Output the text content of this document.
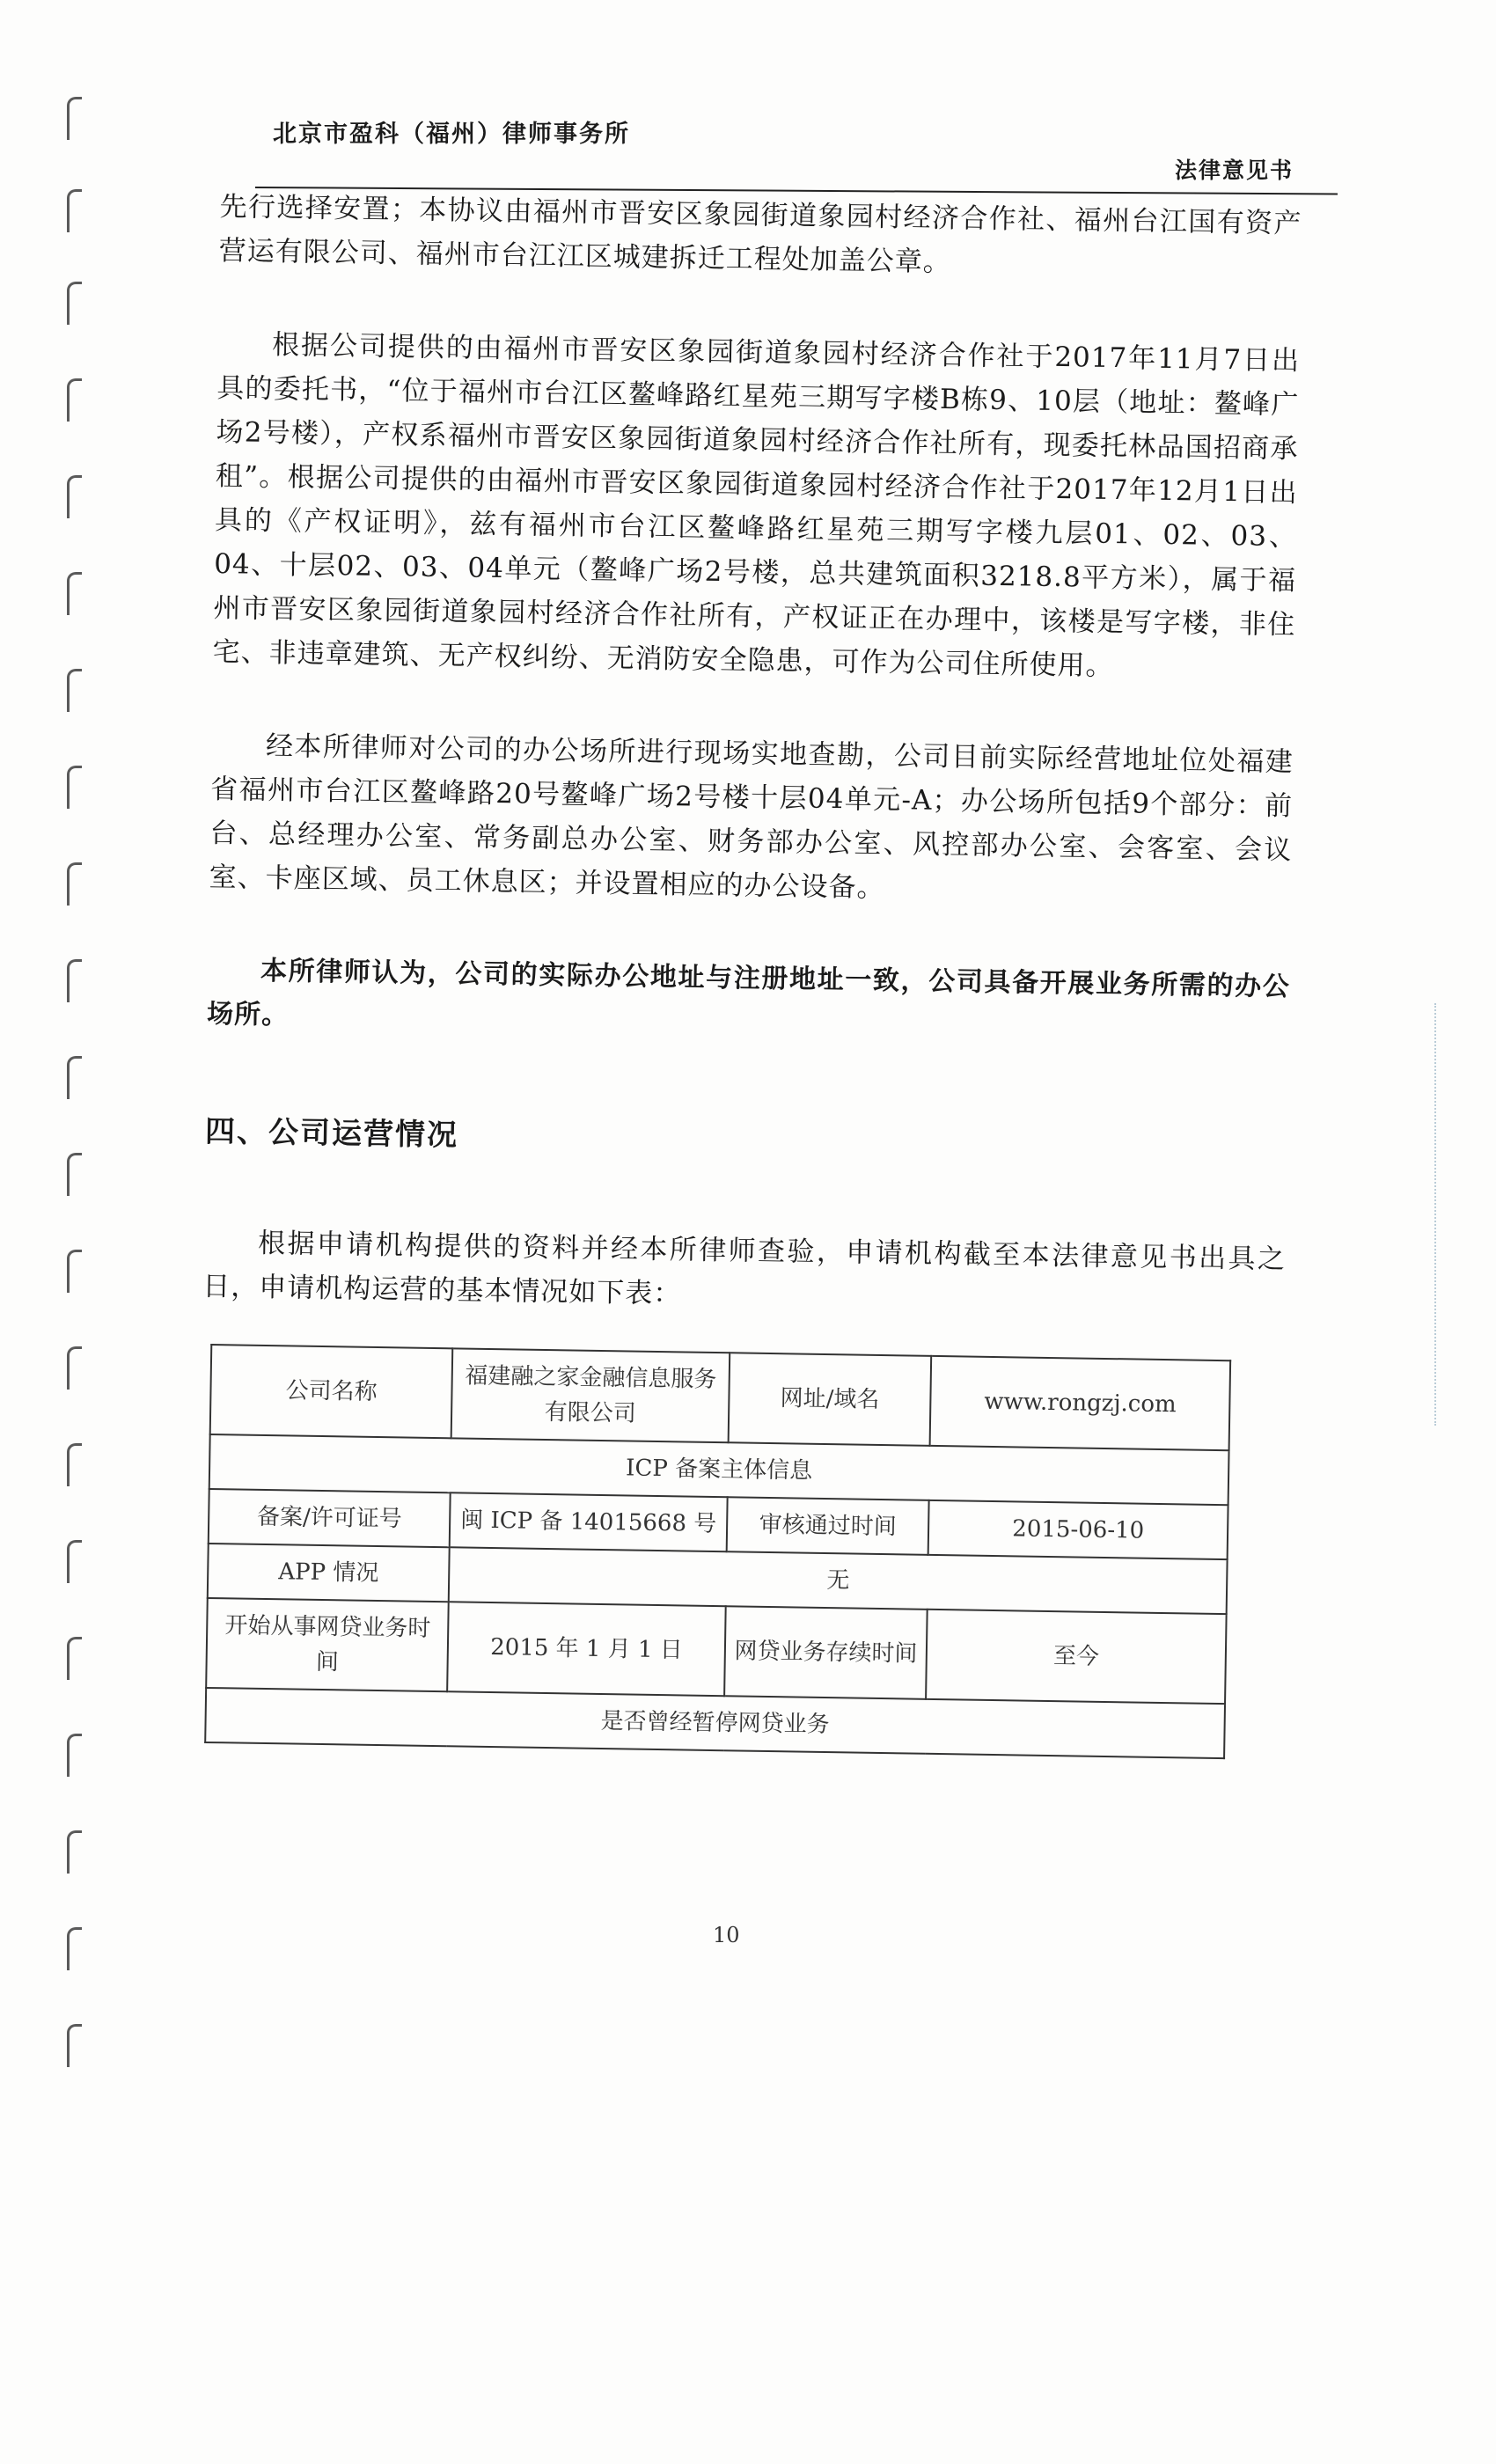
北京市盈科（福州）律师事务所
法律意见书

先行选择安置；本协议由福州市晋安区象园街道象园村经济合作社、福州台江国有资产营运有限公司、福州市台江江区城建拆迁工程处加盖公章。

根据公司提供的由福州市晋安区象园街道象园村经济合作社于2017年11月7日出具的委托书，“位于福州市台江区鳌峰路红星苑三期写字楼B栋9、10层（地址：鳌峰广场2号楼），产权系福州市晋安区象园街道象园村经济合作社所有，现委托林品国招商承租”。根据公司提供的由福州市晋安区象园街道象园村经济合作社于2017年12月1日出具的《产权证明》，兹有福州市台江区鳌峰路红星苑三期写字楼九层01、02、03、04、十层02、03、04单元（鳌峰广场2号楼，总共建筑面积3218.8平方米），属于福州市晋安区象园街道象园村经济合作社所有，产权证正在办理中，该楼是写字楼，非住宅、非违章建筑、无产权纠纷、无消防安全隐患，可作为公司住所使用。

经本所律师对公司的办公场所进行现场实地查勘，公司目前实际经营地址位处福建省福州市台江区鳌峰路20号鳌峰广场2号楼十层04单元-A；办公场所包括9个部分：前台、总经理办公室、常务副总办公室、财务部办公室、风控部办公室、会客室、会议室、卡座区域、员工休息区；并设置相应的办公设备。

本所律师认为，公司的实际办公地址与注册地址一致，公司具备开展业务所需的办公场所。

四、公司运营情况

根据申请机构提供的资料并经本所律师查验，申请机构截至本法律意见书出具之日，申请机构运营的基本情况如下表：

公司名称	福建融之家金融信息服务有限公司	网址/域名	www.rongzj.com
ICP 备案主体信息			
备案/许可证号	闽 ICP 备 14015668 号	审核通过时间	2015-06-10
APP 情况	无		
开始从事网贷业务时间	2015 年 1 月 1 日	网贷业务存续时间	至今
是否曾经暂停网贷业务			
10
